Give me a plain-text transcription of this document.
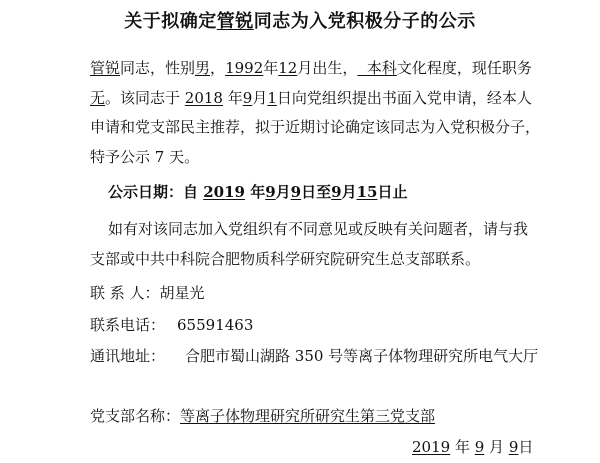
关于拟确定管锐同志为入党积极分子的公示
管锐同志，性别男，1992年12月出生，  本科文化程度，现任职务
无。该同志于 2018 年9月1日向党组织提出书面入党申请，经本人
申请和党支部民主推荐，拟于近期讨论确定该同志为入党积极分子，
特予公示 7 天。
公示日期：自 2019 年9月9日至9月15日止
如有对该同志加入党组织有不同意见或反映有关问题者，请与我
支部或中共中科院合肥物质科学研究院研究生总支部联系。
联 系 人：胡星光
联系电话： 65591463
通讯地址： 合肥市蜀山湖路 350 号等离子体物理研究所电气大厅
党支部名称：等离子体物理研究所研究生第三党支部
2019 年 9 月 9日
